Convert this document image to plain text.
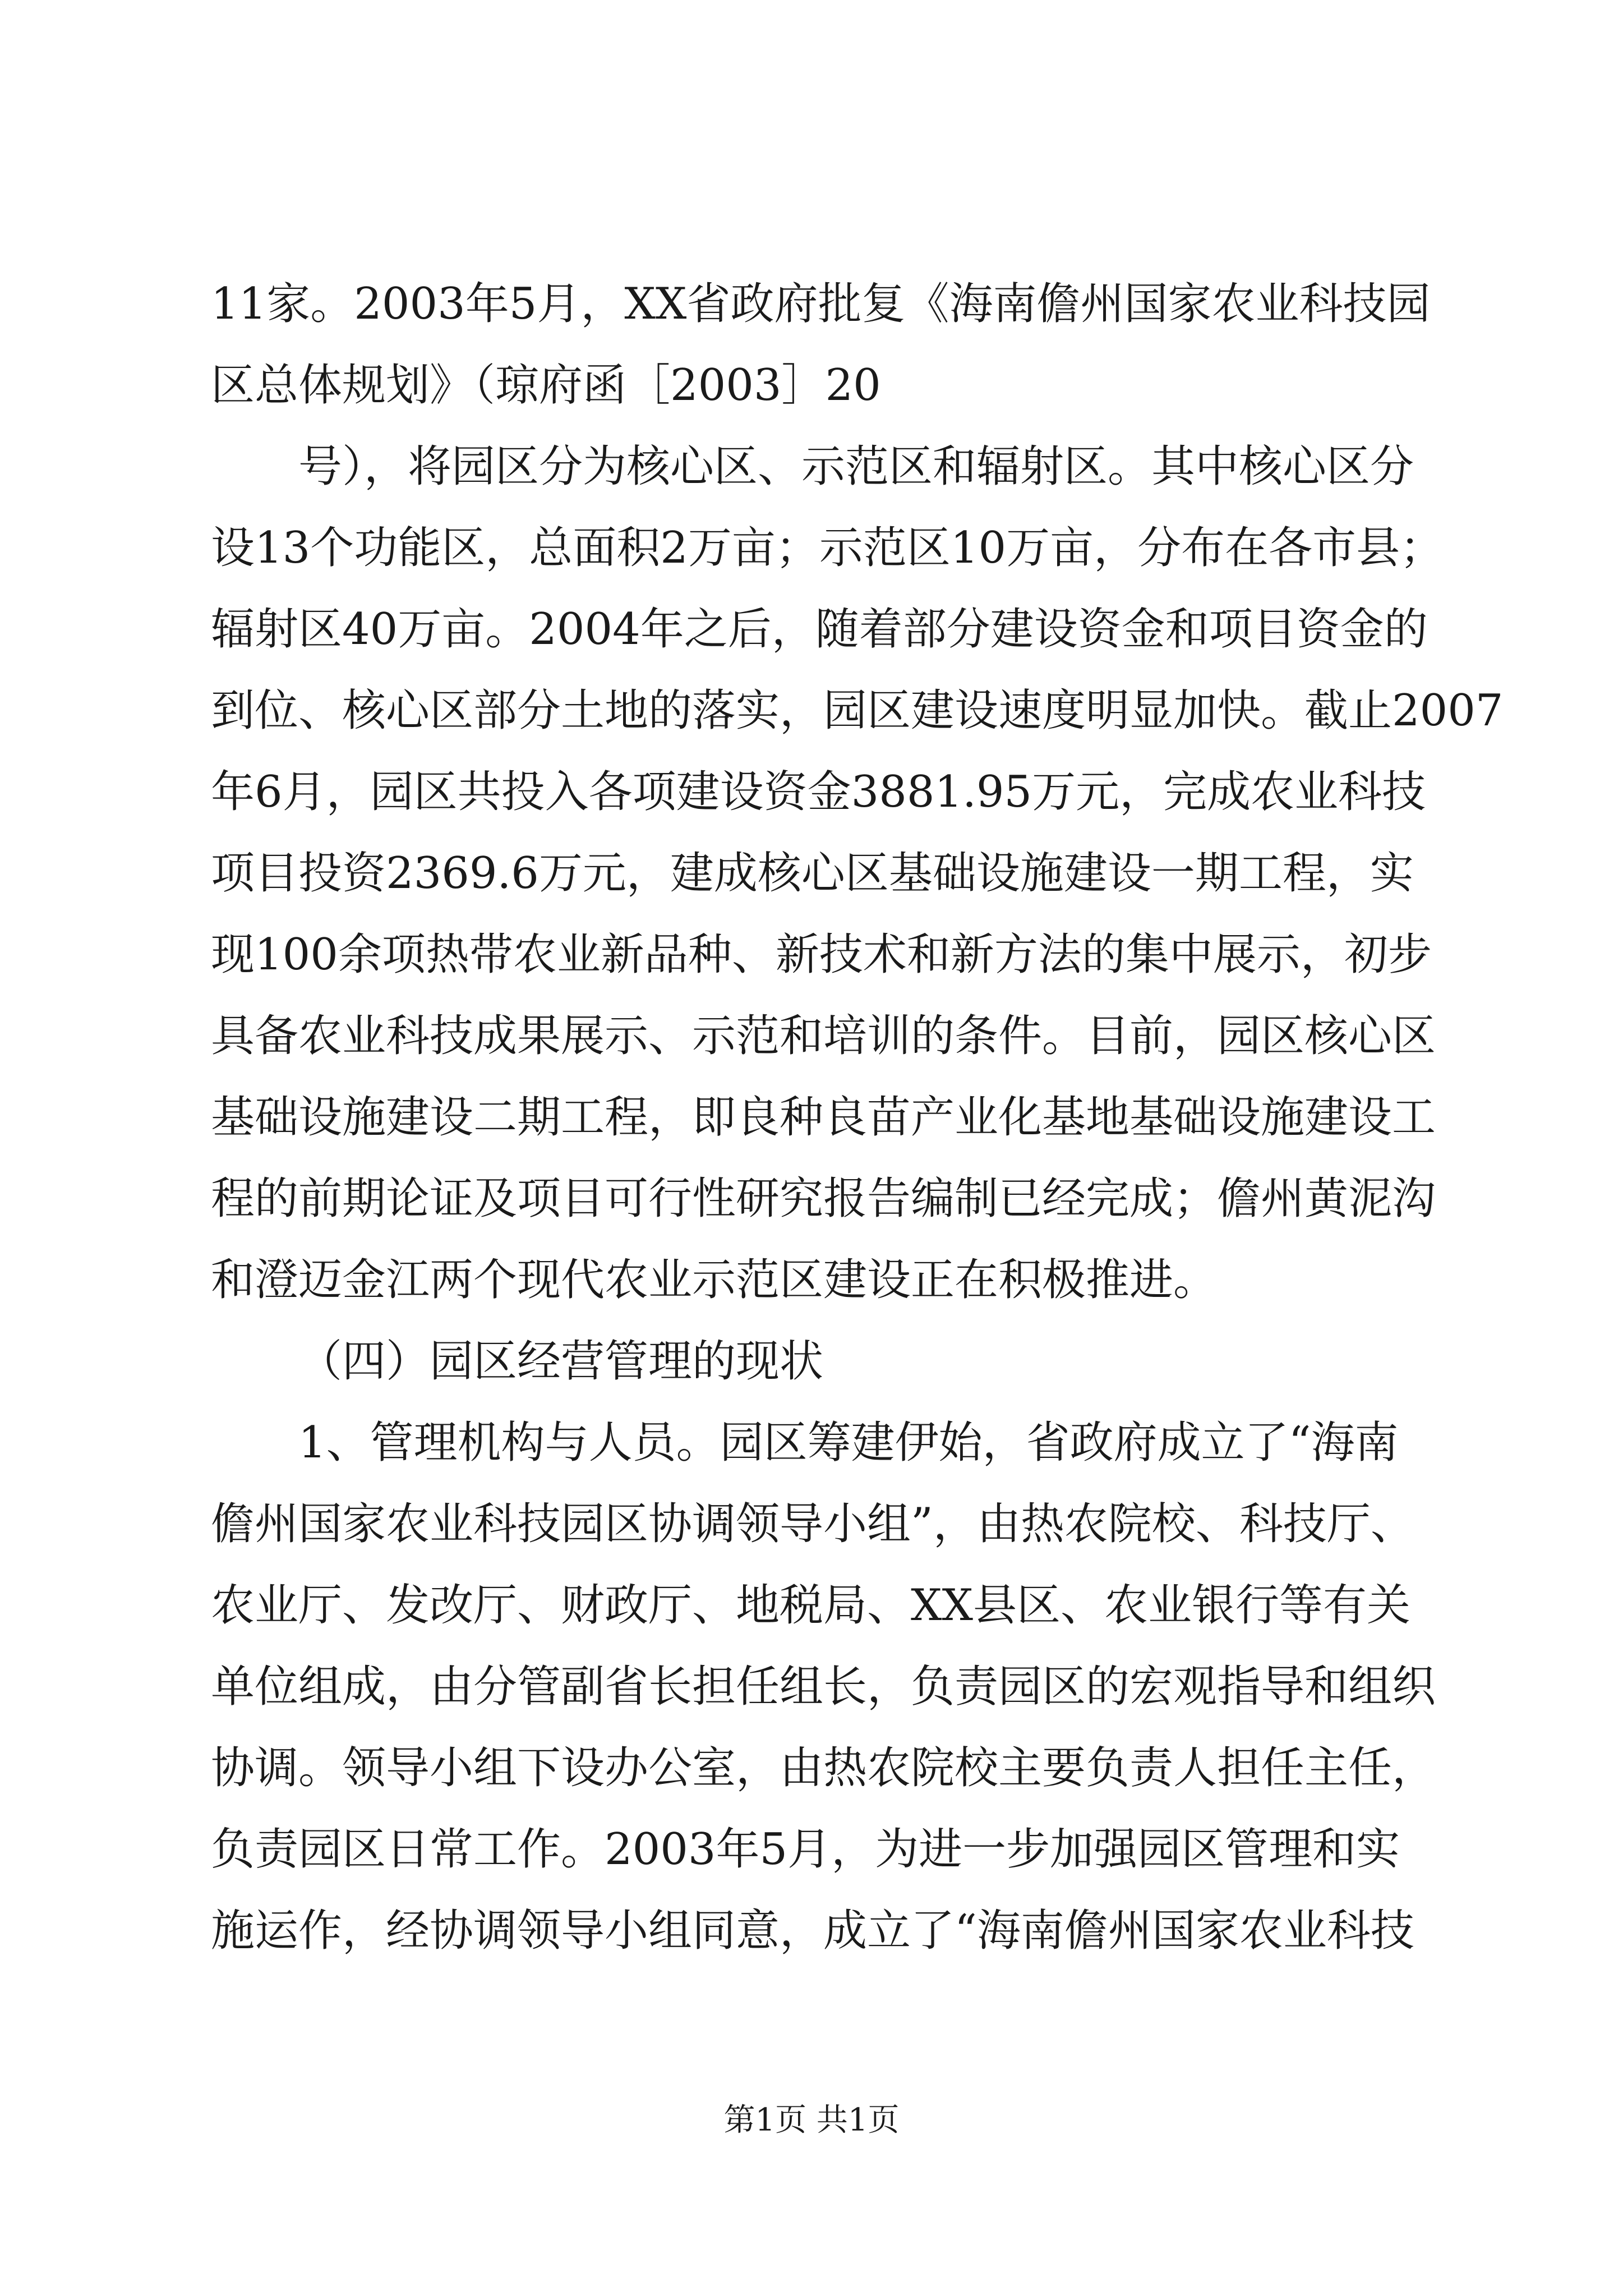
11家。2003年5月，XX省政府批复《海南儋州国家农业科技园
区总体规划》（琼府函［2003］20
号），将园区分为核心区、示范区和辐射区。其中核心区分
设13个功能区，总面积2万亩；示范区10万亩，分布在各市县；
辐射区40万亩。2004年之后，随着部分建设资金和项目资金的
到位、核心区部分土地的落实，园区建设速度明显加快。截止2007
年6月，园区共投入各项建设资金3881.95万元，完成农业科技
项目投资2369.6万元，建成核心区基础设施建设一期工程，实
现100余项热带农业新品种、新技术和新方法的集中展示，初步
具备农业科技成果展示、示范和培训的条件。目前，园区核心区
基础设施建设二期工程，即良种良苗产业化基地基础设施建设工
程的前期论证及项目可行性研究报告编制已经完成；儋州黄泥沟
和澄迈金江两个现代农业示范区建设正在积极推进。
（四）园区经营管理的现状
1、管理机构与人员。园区筹建伊始，省政府成立了“海南
儋州国家农业科技园区协调领导小组”，由热农院校、科技厅、
农业厅、发改厅、财政厅、地税局、XX县区、农业银行等有关
单位组成，由分管副省长担任组长，负责园区的宏观指导和组织
协调。领导小组下设办公室，由热农院校主要负责人担任主任，
负责园区日常工作。2003年5月，为进一步加强园区管理和实
施运作，经协调领导小组同意，成立了“海南儋州国家农业科技
第1页 共1页
